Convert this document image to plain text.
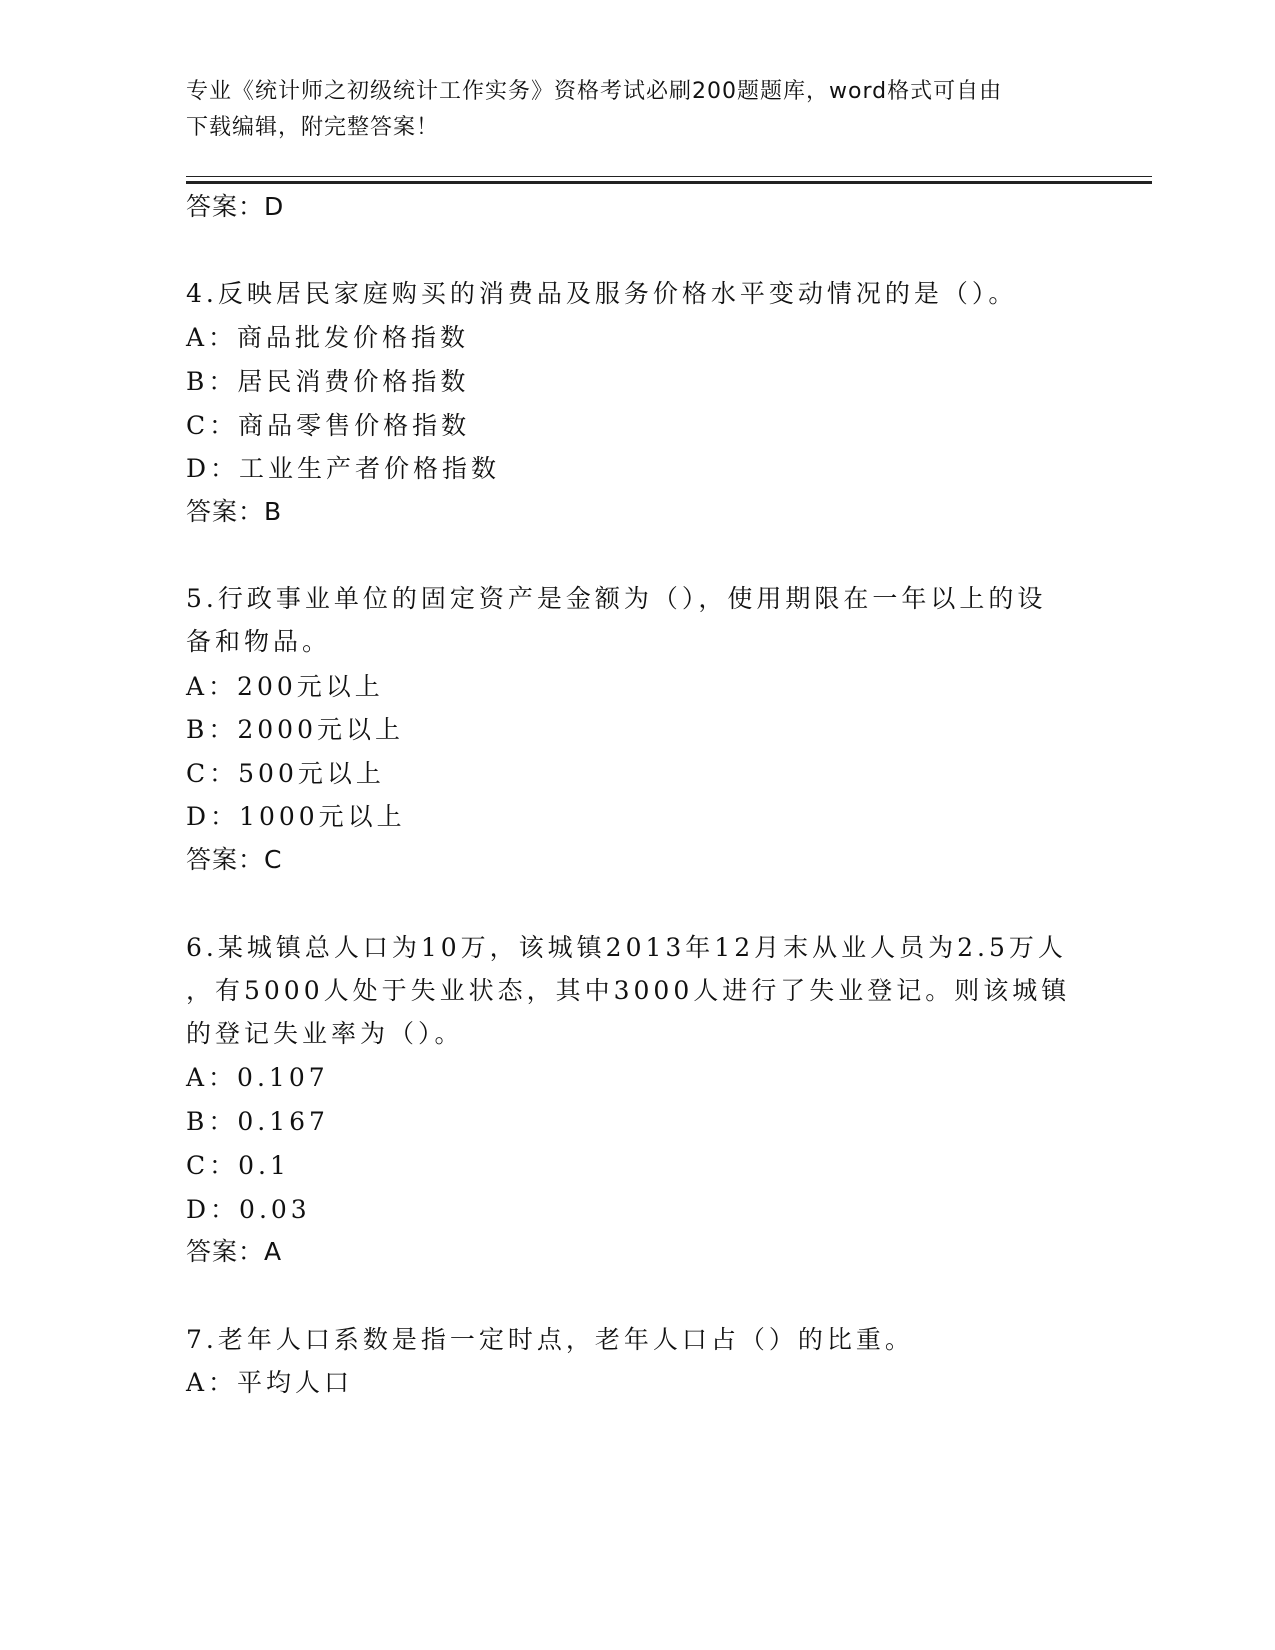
专业《统计师之初级统计工作实务》资格考试必刷200题题库，word格式可自由
下载编辑，附完整答案！
答案：D
4.反映居民家庭购买的消费品及服务价格水平变动情况的是（）。
A：商品批发价格指数
B：居民消费价格指数
C：商品零售价格指数
D：工业生产者价格指数
答案：B
5.行政事业单位的固定资产是金额为（），使用期限在一年以上的设
备和物品。
A：200元以上
B：2000元以上
C：500元以上
D：1000元以上
答案：C
6.某城镇总人口为10万，该城镇2013年12月末从业人员为2.5万人
，有5000人处于失业状态，其中3000人进行了失业登记。则该城镇
的登记失业率为（）。
A：0.107
B：0.167
C：0.1
D：0.03
答案：A
7.老年人口系数是指一定时点，老年人口占（）的比重。
A：平均人口
